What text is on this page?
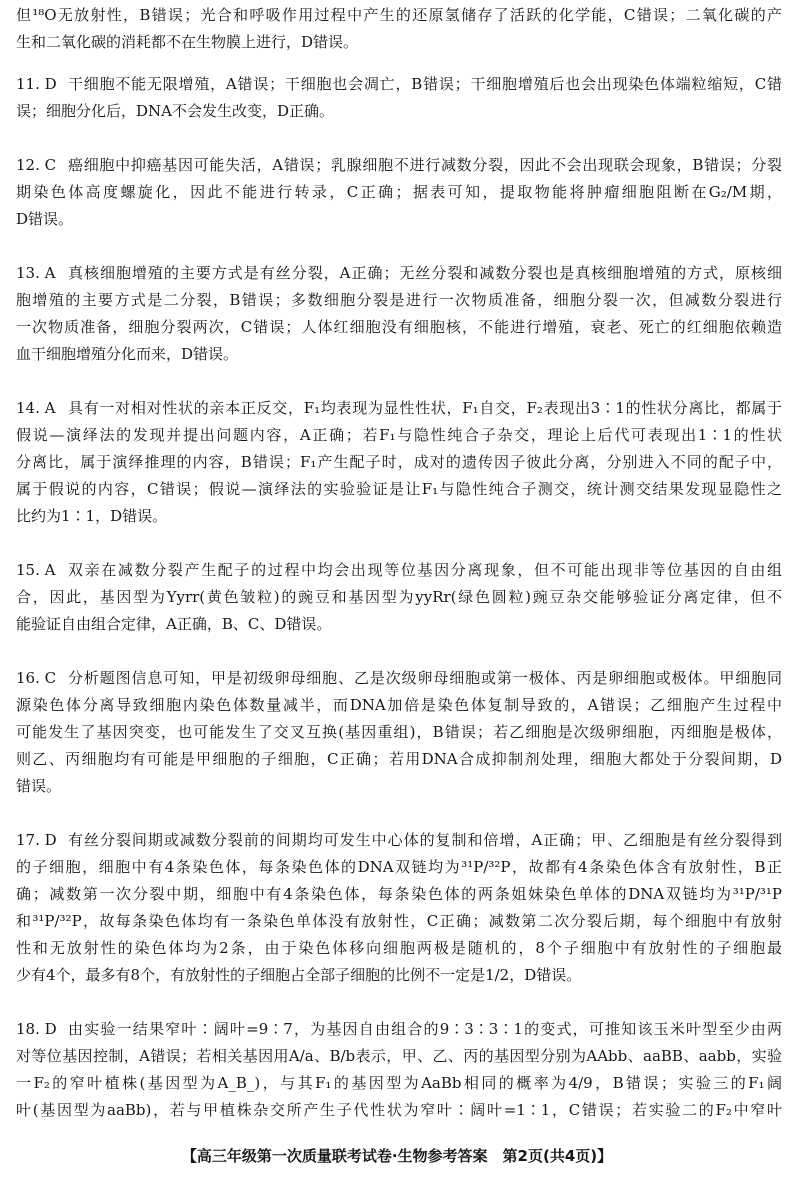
但¹⁸O无放射性，B错误；光合和呼吸作用过程中产生的还原氢储存了活跃的化学能，C错误；二氧化碳的产
生和二氧化碳的消耗都不在生物膜上进行，D错误。
11. D 干细胞不能无限增殖，A错误；干细胞也会凋亡，B错误；干细胞增殖后也会出现染色体端粒缩短，C错
误；细胞分化后，DNA不会发生改变，D正确。
12. C 癌细胞中抑癌基因可能失活，A错误；乳腺细胞不进行减数分裂，因此不会出现联会现象，B错误；分裂
期染色体高度螺旋化，因此不能进行转录，C正确；据表可知，提取物能将肿瘤细胞阻断在G₂/M期，
D错误。
13. A 真核细胞增殖的主要方式是有丝分裂，A正确；无丝分裂和减数分裂也是真核细胞增殖的方式，原核细
胞增殖的主要方式是二分裂，B错误；多数细胞分裂是进行一次物质准备，细胞分裂一次，但减数分裂进行
一次物质准备，细胞分裂两次，C错误；人体红细胞没有细胞核，不能进行增殖，衰老、死亡的红细胞依赖造
血干细胞增殖分化而来，D错误。
14. A 具有一对相对性状的亲本正反交，F₁均表现为显性性状，F₁自交，F₂表现出3∶1的性状分离比，都属于
假说—演绎法的发现并提出问题内容，A正确；若F₁与隐性纯合子杂交，理论上后代可表现出1∶1的性状
分离比，属于演绎推理的内容，B错误；F₁产生配子时，成对的遗传因子彼此分离，分别进入不同的配子中，
属于假说的内容，C错误；假说—演绎法的实验验证是让F₁与隐性纯合子测交，统计测交结果发现显隐性之
比约为1∶1，D错误。
15. A 双亲在减数分裂产生配子的过程中均会出现等位基因分离现象，但不可能出现非等位基因的自由组
合，因此，基因型为Yyrr(黄色皱粒)的豌豆和基因型为yyRr(绿色圆粒)豌豆杂交能够验证分离定律，但不
能验证自由组合定律，A正确，B、C、D错误。
16. C 分析题图信息可知，甲是初级卵母细胞、乙是次级卵母细胞或第一极体、丙是卵细胞或极体。甲细胞同
源染色体分离导致细胞内染色体数量减半，而DNA加倍是染色体复制导致的，A错误；乙细胞产生过程中
可能发生了基因突变，也可能发生了交叉互换(基因重组)，B错误；若乙细胞是次级卵细胞，丙细胞是极体，
则乙、丙细胞均有可能是甲细胞的子细胞，C正确；若用DNA合成抑制剂处理，细胞大都处于分裂间期，D
错误。
17. D 有丝分裂间期或减数分裂前的间期均可发生中心体的复制和倍增，A正确；甲、乙细胞是有丝分裂得到
的子细胞，细胞中有4条染色体，每条染色体的DNA双链均为³¹P/³²P，故都有4条染色体含有放射性，B正
确；减数第一次分裂中期，细胞中有4条染色体，每条染色体的两条姐妹染色单体的DNA双链均为³¹P/³¹P
和³¹P/³²P，故每条染色体均有一条染色单体没有放射性，C正确；减数第二次分裂后期，每个细胞中有放射
性和无放射性的染色体均为2条，由于染色体移向细胞两极是随机的，8个子细胞中有放射性的子细胞最
少有4个，最多有8个，有放射性的子细胞占全部子细胞的比例不一定是1/2，D错误。
18. D 由实验一结果窄叶∶阔叶=9∶7，为基因自由组合的9∶3∶3∶1的变式，可推知该玉米叶型至少由两
对等位基因控制，A错误；若相关基因用A/a、B/b表示，甲、乙、丙的基因型分别为AAbb、aaBB、aabb，实验
一F₂的窄叶植株(基因型为A_B_)，与其F₁的基因型为AaBb相同的概率为4/9，B错误；实验三的F₁阔
叶(基因型为aaBb)，若与甲植株杂交所产生子代性状为窄叶∶阔叶=1∶1，C错误；若实验二的F₂中窄叶
【高三年级第一次质量联考试卷·生物参考答案　第2页(共4页)】
